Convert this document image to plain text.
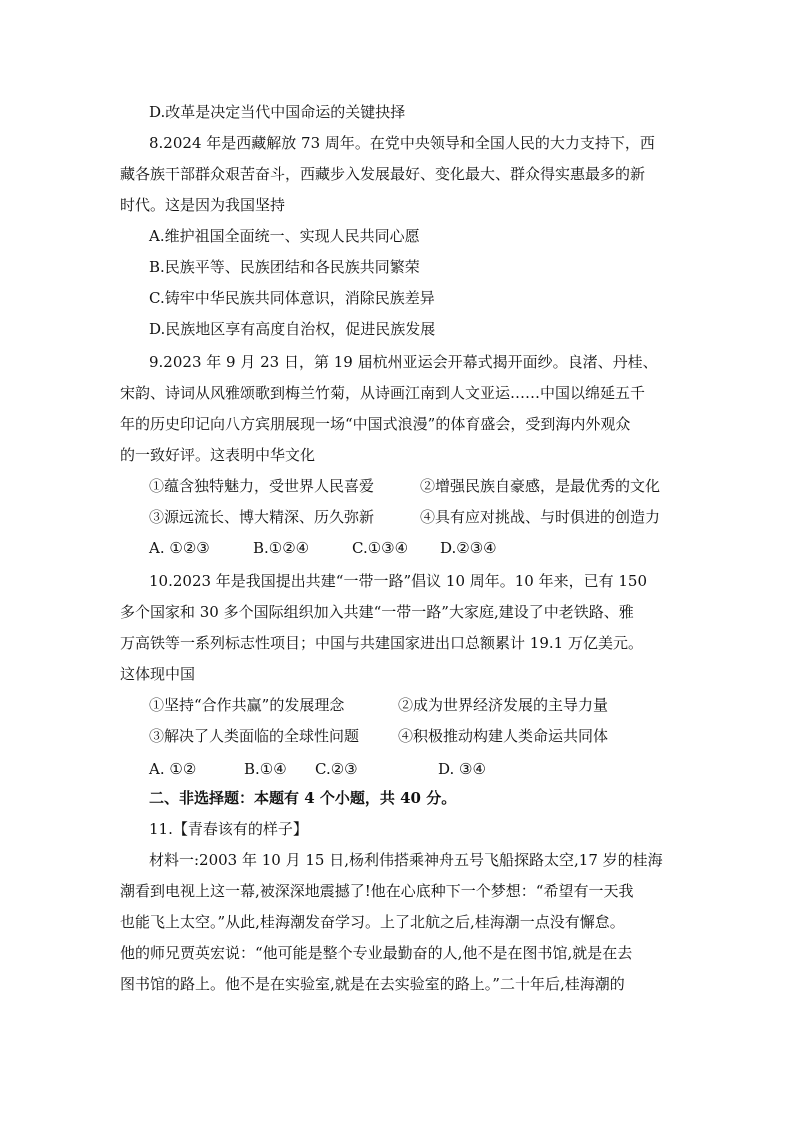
D.改革是决定当代中国命运的关键抉择
8.2024 年是西藏解放 73 周年。在党中央领导和全国人民的大力支持下，西
藏各族干部群众艰苦奋斗，西藏步入发展最好、变化最大、群众得实惠最多的新
时代。这是因为我国坚持
A.维护祖国全面统一、实现人民共同心愿
B.民族平等、民族团结和各民族共同繁荣
C.铸牢中华民族共同体意识，消除民族差异
D.民族地区享有高度自治权，促进民族发展
9.2023 年 9 月 23 日，第 19 届杭州亚运会开幕式揭开面纱。良渚、丹桂、
宋韵、诗词从风雅颂歌到梅兰竹菊，从诗画江南到人文亚运……中国以绵延五千
年的历史印记向八方宾朋展现一场“中国式浪漫”的体育盛会，受到海内外观众
的一致好评。这表明中华文化
①蕴含独特魅力，受世界人民喜爱	②增强民族自豪感，是最优秀的文化
③源远流长、博大精深、历久弥新	④具有应对挑战、与时俱进的创造力
A. ①②③	B.①②④	C.①③④ D.②③④
10.2023 年是我国提出共建“一带一路”倡议 10 周年。10 年来，已有 150
多个国家和 30 多个国际组织加入共建“一带一路”大家庭,建设了中老铁路、雅
万高铁等一系列标志性项目；中国与共建国家进出口总额累计 19.1 万亿美元。
这体现中国
①坚持“合作共赢”的发展理念	②成为世界经济发展的主导力量
③解决了人类面临的全球性问题	④积极推动构建人类命运共同体
A. ①②	B.①④ C.②③	D. ③④
二、非选择题：本题有 4 个小题，共 40 分。
11.【青春该有的样子】
材料一:2003 年 10 月 15 日,杨利伟搭乘神舟五号飞船探路太空,17 岁的桂海
潮看到电视上这一幕,被深深地震撼了!他在心底种下一个梦想：“希望有一天我
也能飞上太空。”从此,桂海潮发奋学习。上了北航之后,桂海潮一点没有懈怠。
他的师兄贾英宏说：“他可能是整个专业最勤奋的人,他不是在图书馆,就是在去
图书馆的路上。他不是在实验室,就是在去实验室的路上。”二十年后,桂海潮的
